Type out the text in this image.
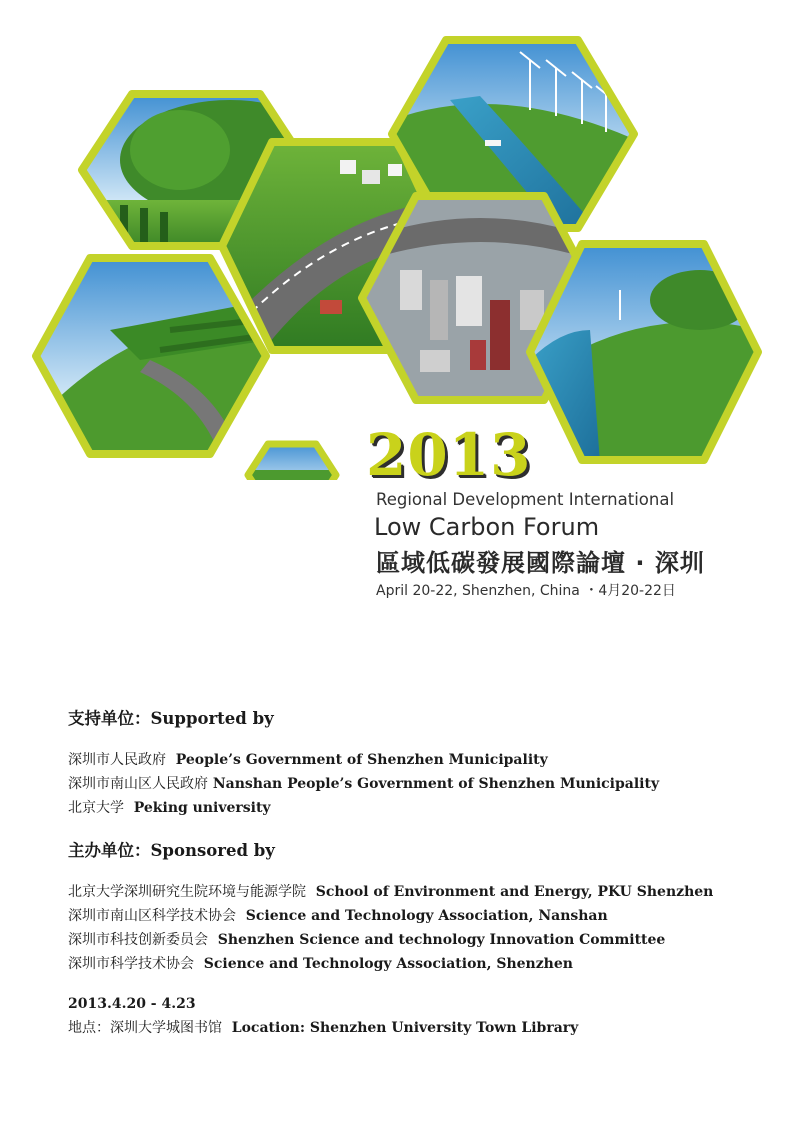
2013

Regional Development International

Low Carbon Forum

區域低碳發展國際論壇 · 深圳

April 20-22, Shenzhen, China ・4月20-22日

支持单位：Supported by

深圳市人民政府 People’s Government of Shenzhen Municipality

深圳市南山区人民政府 Nanshan People’s Government of Shenzhen Municipality

北京大学 Peking university

主办单位：Sponsored by

北京大学深圳研究生院环境与能源学院 School of Environment and Energy, PKU Shenzhen

深圳市南山区科学技术协会 Science and Technology Association, Nanshan

深圳市科技创新委员会 Shenzhen Science and technology Innovation Committee

深圳市科学技术协会 Science and Technology Association, Shenzhen

2013.4.20 - 4.23

地点：深圳大学城图书馆 Location: Shenzhen University Town Library
